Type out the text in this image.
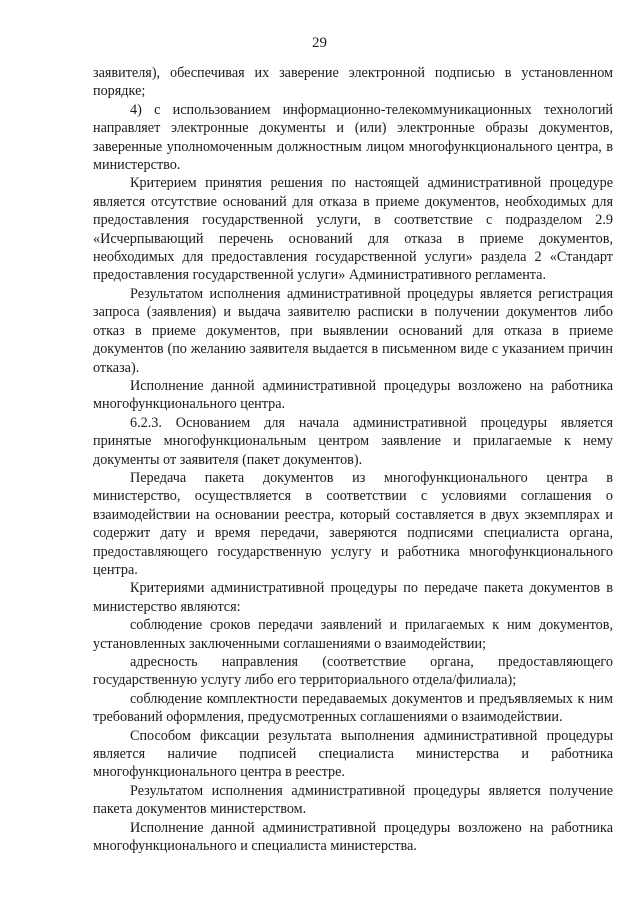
29

заявителя), обеспечивая их заверение электронной подписью в установленном порядке;

4) с использованием информационно-телекоммуникационных технологий направляет электронные документы и (или) электронные образы документов, заверенные уполномоченным должностным лицом многофункционального центра, в министерство.

Критерием принятия решения по настоящей административной процедуре является отсутствие оснований для отказа в приеме документов, необходимых для предоставления государственной услуги, в соответствие с подразделом 2.9 «Исчерпывающий перечень оснований для отказа в приеме документов, необходимых для предоставления государственной услуги» раздела 2 «Стандарт предоставления государственной услуги» Административного регламента.

Результатом исполнения административной процедуры является регистрация запроса (заявления) и выдача заявителю расписки в получении документов либо отказ в приеме документов, при выявлении оснований для отказа в приеме документов (по желанию заявителя выдается в письменном виде с указанием причин отказа).

Исполнение данной административной процедуры возложено на работника многофункционального центра.

6.2.3. Основанием для начала административной процедуры является принятые многофункциональным центром заявление и прилагаемые к нему документы от заявителя (пакет документов).

Передача пакета документов из многофункционального центра в министерство, осуществляется в соответствии с условиями соглашения о взаимодействии на основании реестра, который составляется в двух экземплярах и содержит дату и время передачи, заверяются подписями специалиста органа, предоставляющего государственную услугу и работника многофункционального центра.

Критериями административной процедуры по передаче пакета документов в министерство являются:

соблюдение сроков передачи заявлений и прилагаемых к ним документов, установленных заключенными соглашениями о взаимодействии;

адресность направления (соответствие органа, предоставляющего государственную услугу либо его территориального отдела/филиала);

соблюдение комплектности передаваемых документов и предъявляемых к ним требований оформления, предусмотренных соглашениями о взаимодействии.

Способом фиксации результата выполнения административной процедуры является наличие подписей специалиста министерства и работника многофункционального центра в реестре.

Результатом исполнения административной процедуры является получение пакета документов министерством.

Исполнение данной административной процедуры возложено на работника многофункционального и специалиста министерства.
